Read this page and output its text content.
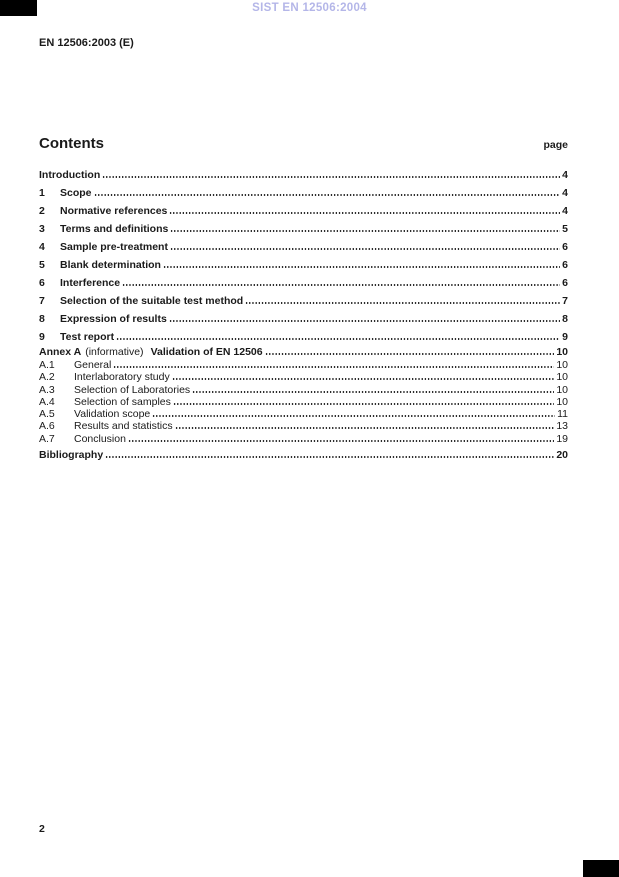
SIST EN 12506:2004
EN 12506:2003 (E)
Contents	page
Introduction	4
1	Scope	4
2	Normative references	4
3	Terms and definitions	5
4	Sample pre-treatment	6
5	Blank determination	6
6	Interference	6
7	Selection of the suitable test method	7
8	Expression of results	8
9	Test report	9
Annex A (informative) Validation of EN 12506	10
A.1	General	10
A.2	Interlaboratory study	10
A.3	Selection of Laboratories	10
A.4	Selection of samples	10
A.5	Validation scope	11
A.6	Results and statistics	13
A.7	Conclusion	19
Bibliography	20
2
